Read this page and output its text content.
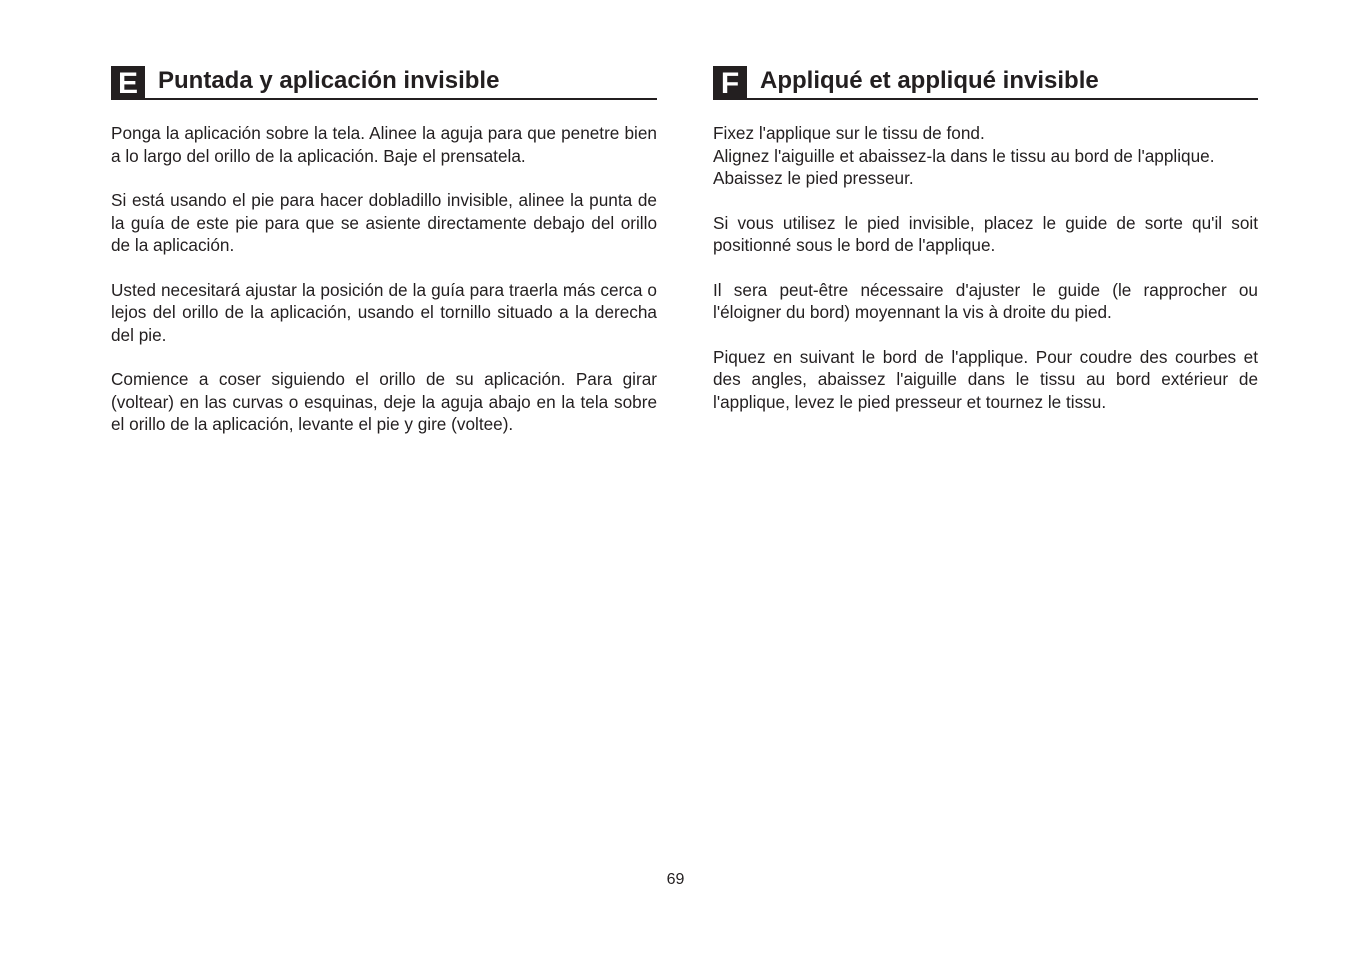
E Puntada y aplicación invisible

Ponga la aplicación sobre la tela. Alinee la aguja para que penetre bien a lo largo del orillo de la aplicación. Baje el prensatela.

Si está usando el pie para hacer dobladillo invisible, alinee la punta de la guía de este pie para que se asiente directamente debajo del orillo de la aplicación.

Usted necesitará ajustar la posición de la guía para traerla más cerca o lejos del orillo de la aplicación, usando el tornillo situado a la derecha del pie.

Comience a coser siguiendo el orillo de su aplicación. Para girar (voltear) en las curvas o esquinas, deje la aguja abajo en la tela sobre el orillo de la aplicación, levante el pie y gire (voltee).

F Appliqué et appliqué invisible

Fixez l'applique sur le tissu de fond.
Alignez l'aiguille et abaissez-la dans le tissu au bord de l'applique.
Abaissez le pied presseur.

Si vous utilisez le pied invisible, placez le guide de sorte qu'il soit positionné sous le bord de l'applique.

Il sera peut-être nécessaire d'ajuster le guide (le rapprocher ou l'éloigner du bord) moyennant la vis à droite du pied.

Piquez en suivant le bord de l'applique. Pour coudre des courbes et des angles, abaissez l'aiguille dans le tissu au bord extérieur de l'applique, levez le pied presseur et tournez le tissu.

69
